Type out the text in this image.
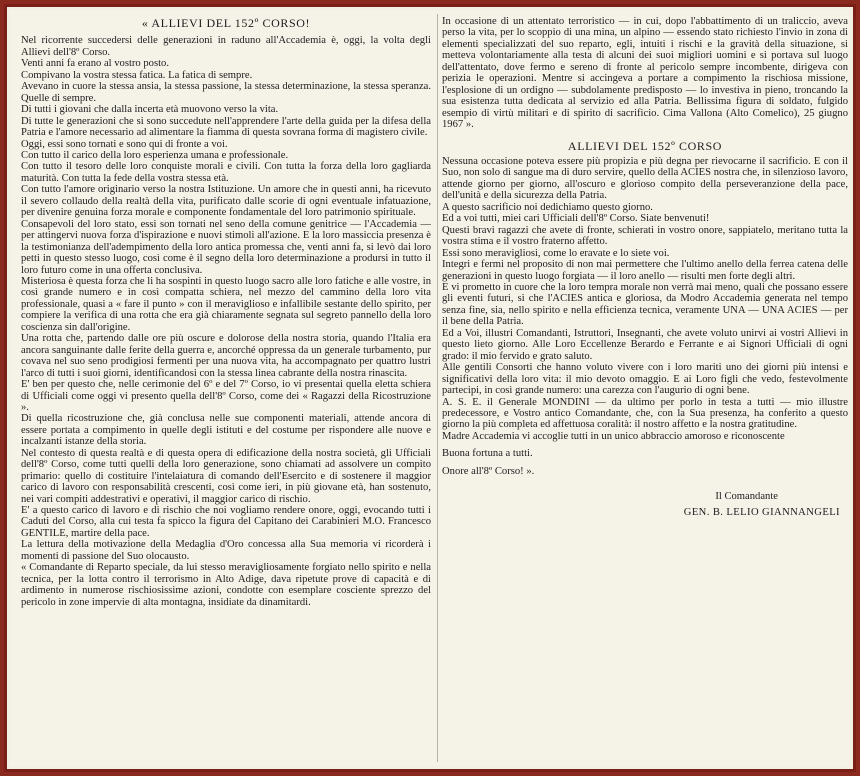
« ALLIEVI DEL 152º CORSO!

Nel ricorrente succedersi delle generazioni in raduno all'Accademia è, oggi, la volta degli Allievi dell'8º Corso.

Venti anni fa erano al vostro posto.

Compivano la vostra stessa fatica. La fatica di sempre.

Avevano in cuore la stessa ansia, la stessa passione, la stessa determinazione, la stessa speranza. Quelle di sempre.

Di tutti i giovani che dalla incerta età muovono verso la vita.

Di tutte le generazioni che si sono succedute nell'apprendere l'arte della guida per la difesa della Patria e l'amore necessario ad alimentare la fiamma di questa sovrana forma di magistero civile.

Oggi, essi sono tornati e sono qui di fronte a voi.

Con tutto il carico della loro esperienza umana e professionale.

Con tutto il tesoro delle loro conquiste morali e civili. Con tutta la forza della loro gagliarda maturità. Con tutta la fede della vostra stessa età.

Con tutto l'amore originario verso la nostra Istituzione. Un amore che in questi anni, ha ricevuto il severo collaudo della realtà della vita, purificato dalle scorie di ogni eventuale infatuazione, per divenire genuina forza morale e componente fondamentale del loro patrimonio spirituale.

Consapevoli del loro stato, essi son tornati nel seno della comune genitrice — l'Accademia — per attingervi nuova forza d'ispirazione e nuovi stimoli all'azione. E la loro massiccia presenza è la testimonianza dell'adempimento della loro antica promessa che, venti anni fa, si levò dai loro petti in questo stesso luogo, così come è il segno della loro determinazione a prodursi in tutto il loro futuro come in una offerta conclusiva.

Misteriosa è questa forza che li ha sospinti in questo luogo sacro alle loro fatiche e alle vostre, in così grande numero e in così compatta schiera, nel mezzo del cammino della loro vita professionale, quasi a « fare il punto » con il meraviglioso e infallibile sestante dello spirito, per compiere la verifica di una rotta che era già chiaramente segnata sul segreto pannello della loro coscienza sin dall'origine.

Una rotta che, partendo dalle ore più oscure e dolorose della nostra storia, quando l'Italia era ancora sanguinante dalle ferite della guerra e, ancorché oppressa da un generale turbamento, pur covava nel suo seno prodigiosi fermenti per una nuova vita, ha accompagnato per quattro lustri l'arco di tutti i suoi giorni, identificandosi con la stessa linea cabrante della nostra rinascita.

E' ben per questo che, nelle cerimonie del 6º e del 7º Corso, io vi presentai quella eletta schiera di Ufficiali come oggi vi presento quella dell'8º Corso, come dei « Ragazzi della Ricostruzione ».

Di quella ricostruzione che, già conclusa nelle sue componenti materiali, attende ancora di essere portata a compimento in quelle degli istituti e del costume per rispondere alle nuove e incalzanti istanze della storia.

Nel contesto di questa realtà e di questa opera di edificazione della nostra società, gli Ufficiali dell'8º Corso, come tutti quelli della loro generazione, sono chiamati ad assolvere un compito primario: quello di costituire l'intelaiatura di comando dell'Esercito e di sostenere il maggior carico di lavoro con responsabilità crescenti, così come ieri, in più giovane età, han sostenuto, nei vari compiti addestrativi e operativi, il maggior carico di rischio.

E' a questo carico di lavoro e di rischio che noi vogliamo rendere onore, oggi, evocando tutti i Caduti del Corso, alla cui testa fa spicco la figura del Capitano dei Carabinieri M.O. Francesco GENTILE, martire della pace.

La lettura della motivazione della Medaglia d'Oro concessa alla Sua memoria vi ricorderà i momenti di passione del Suo olocausto.

« Comandante di Reparto speciale, da lui stesso meravigliosamente forgiato nello spirito e nella tecnica, per la lotta contro il terrorismo in Alto Adige, dava ripetute prove di capacità e di ardimento in numerose rischiosissime azioni, condotte con esemplare cosciente sprezzo del pericolo in zone impervie di alta montagna, insidiate da dinamitardi.

In occasione di un attentato terroristico — in cui, dopo l'abbattimento di un traliccio, aveva perso la vita, per lo scoppio di una mina, un alpino — essendo stato richiesto l'invio in zona di elementi specializzati del suo reparto, egli, intuiti i rischi e la gravità della situazione, si metteva volontariamente alla testa di alcuni dei suoi migliori uomini e si portava sul luogo dell'attentato, dove fermo e sereno di fronte al pericolo sempre incombente, dirigeva con perizia le operazioni. Mentre si accingeva a portare a compimento la rischiosa missione, l'esplosione di un ordigno — subdolamente predisposto — lo investiva in pieno, troncando la sua esistenza tutta dedicata al servizio ed alla Patria. Bellissima figura di soldato, fulgido esempio di virtù militari e di spirito di sacrificio. Cima Vallona (Alto Comelico), 25 giugno 1967 ».

ALLIEVI DEL 152º CORSO

Nessuna occasione poteva essere più propizia e più degna per rievocarne il sacrificio. E con il Suo, non solo di sangue ma di duro servire, quello della ACIES nostra che, in silenzioso lavoro, attende giorno per giorno, all'oscuro e glorioso compito della perseveranzione della pace, dell'unità e della sicurezza della Patria.

A questo sacrificio noi dedichiamo questo giorno.

Ed a voi tutti, miei cari Ufficiali dell'8º Corso. Siate benvenuti!

Questi bravi ragazzi che avete di fronte, schierati in vostro onore, sappiatelo, meritano tutta la vostra stima e il vostro fraterno affetto.

Essi sono meravigliosi, come lo eravate e lo siete voi.

Integri e fermi nel proposito di non mai permettere che l'ultimo anello della ferrea catena delle generazioni in questo luogo forgiata — il loro anello — risulti men forte degli altri.

E vi prometto in cuore che la loro tempra morale non verrà mai meno, quali che possano essere gli eventi futuri, sì che l'ACIES antica e gloriosa, da Modro Accademia generata nel tempo senza fine, sia, nello spirito e nella efficienza tecnica, veramente UNA — UNA ACIES — per il bene della Patria.

Ed a Voi, illustri Comandanti, Istruttori, Insegnanti, che avete voluto unirvi ai vostri Allievi in questo lieto giorno. Alle Loro Eccellenze Berardo e Ferrante e ai Signori Ufficiali di ogni grado: il mio fervido e grato saluto.

Alle gentili Consorti che hanno voluto vivere con i loro mariti uno dei giorni più intensi e significativi della loro vita: il mio devoto omaggio. E ai Loro figli che vedo, festevolmente partecipi, in così grande numero: una carezza con l'augurio di ogni bene.

A. S. E. il Generale MONDINI — da ultimo per porlo in testa a tutti — mio illustre predecessore, e Vostro antico Comandante, che, con la Sua presenza, ha conferito a questo giorno la più completa ed affettuosa coralità: il nostro affetto e la nostra gratitudine.

Madre Accademia vi accoglie tutti in un unico abbraccio amoroso e riconoscente

Buona fortuna a tutti.

Onore all'8º Corso! ».

Il Comandante

GEN. B. LELIO GIANNANGELI
